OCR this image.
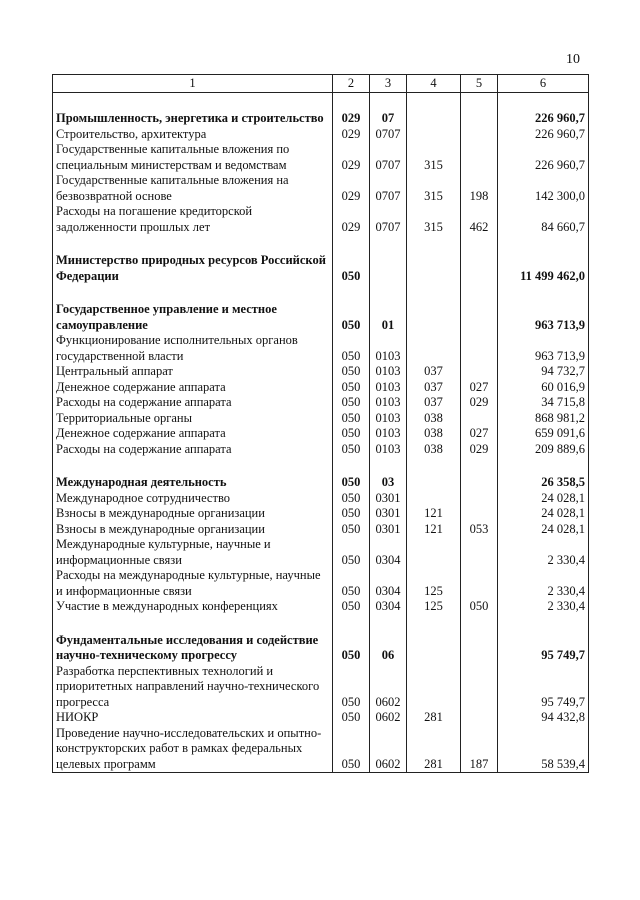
10
1	2	3	4	5	6

Промышленность, энергетика и строительство	029	07			226 960,7
Строительство, архитектура	029	0707			226 960,7
Государственные капитальные вложения по специальным министерствам и ведомствам	029	0707	315		226 960,7
Государственные капитальные вложения на безвозвратной основе	029	0707	315	198	142 300,0
Расходы на погашение кредиторской задолженности прошлых лет	029	0707	315	462	84 660,7

Министерство природных ресурсов Российской Федерации	050				11 499 462,0

Государственное управление и местное самоуправление	050	01			963 713,9
Функционирование исполнительных органов государственной власти	050	0103			963 713,9
Центральный аппарат	050	0103	037		94 732,7
Денежное содержание аппарата	050	0103	037	027	60 016,9
Расходы на содержание аппарата	050	0103	037	029	34 715,8
Территориальные органы	050	0103	038		868 981,2
Денежное содержание аппарата	050	0103	038	027	659 091,6
Расходы на содержание аппарата	050	0103	038	029	209 889,6

Международная деятельность	050	03			26 358,5
Международное сотрудничество	050	0301			24 028,1
Взносы в международные организации	050	0301	121		24 028,1
Взносы в международные организации	050	0301	121	053	24 028,1
Международные культурные, научные и информационные связи	050	0304			2 330,4
Расходы на международные культурные, научные и информационные связи	050	0304	125		2 330,4
Участие в международных конференциях	050	0304	125	050	2 330,4

Фундаментальные исследования и содействие научно-техническому прогрессу	050	06			95 749,7
Разработка перспективных технологий и приоритетных направлений научно-технического прогресса	050	0602			95 749,7
НИОКР	050	0602	281		94 432,8
Проведение научно-исследовательских и опытно-конструкторских работ в рамках федеральных целевых программ	050	0602	281	187	58 539,4
